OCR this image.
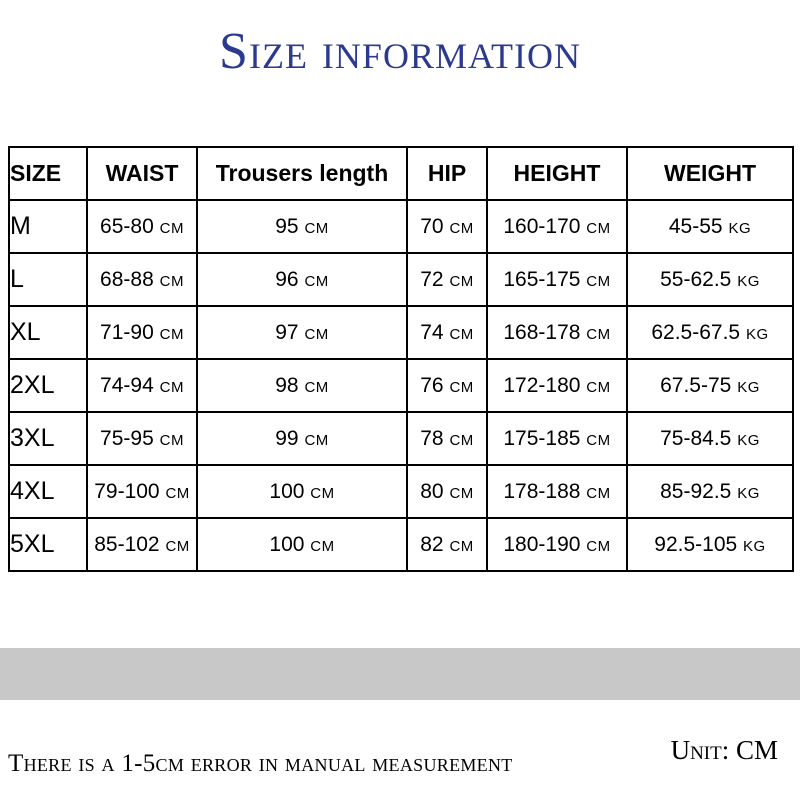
Size information
SIZE	WAIST	Trousers length	HIP	HEIGHT	WEIGHT
M	65-80 CM	95 CM	70 CM	160-170 CM	45-55 KG
L	68-88 CM	96 CM	72 CM	165-175 CM	55-62.5 KG
XL	71-90 CM	97 CM	74 CM	168-178 CM	62.5-67.5 KG
2XL	74-94 CM	98 CM	76 CM	172-180 CM	67.5-75 KG
3XL	75-95 CM	99 CM	78 CM	175-185 CM	75-84.5 KG
4XL	79-100 CM	100 CM	80 CM	178-188 CM	85-92.5 KG
5XL	85-102 CM	100 CM	82 CM	180-190 CM	92.5-105 KG
There is a 1-5cm error in manual measurement	Unit: CM
